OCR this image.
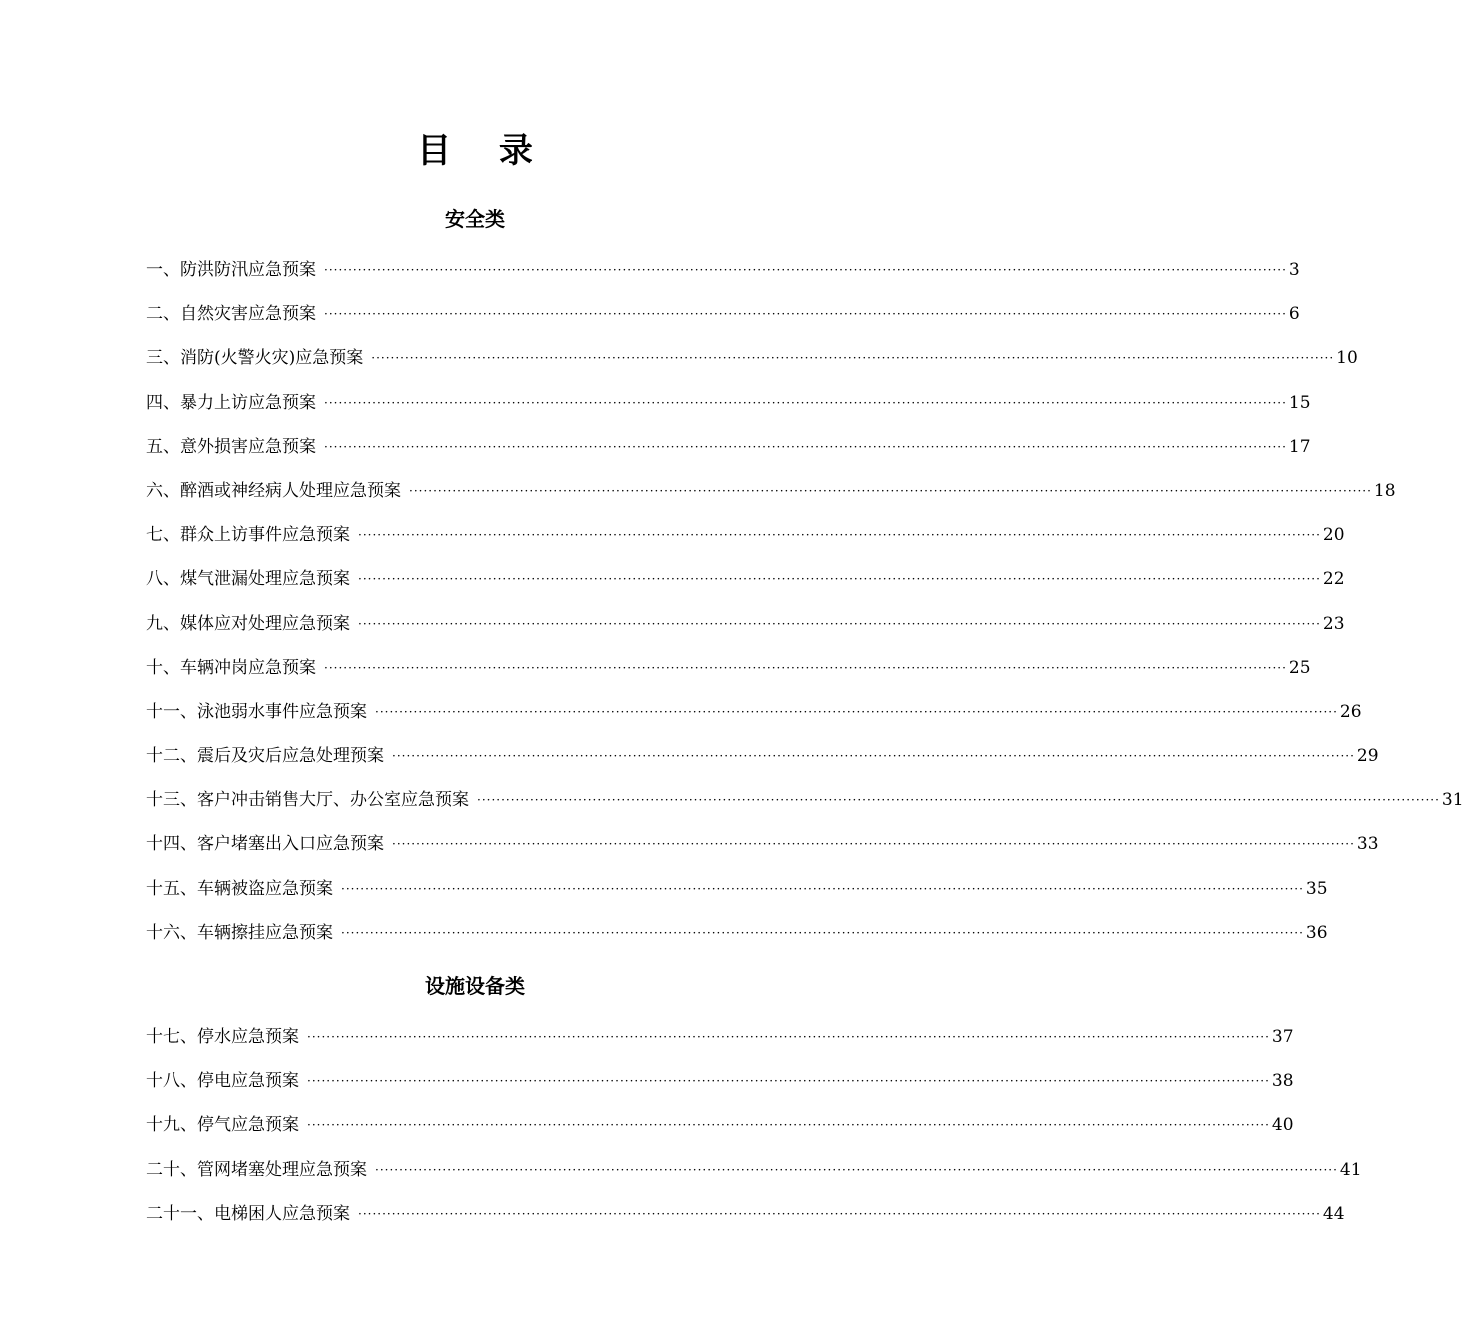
目 录
安全类
一、防洪防汛应急预案 ········································································································································································································ 3
二、自然灾害应急预案 ········································································································································································································ 6
三、消防(火警火灾)应急预案 ········································································································································································································ 10
四、暴力上访应急预案 ········································································································································································································ 15
五、意外损害应急预案 ········································································································································································································ 17
六、醉酒或神经病人处理应急预案 ········································································································································································································ 18
七、群众上访事件应急预案 ········································································································································································································ 20
八、煤气泄漏处理应急预案 ········································································································································································································ 22
九、媒体应对处理应急预案 ········································································································································································································ 23
十、车辆冲岗应急预案 ········································································································································································································ 25
十一、泳池弱水事件应急预案 ········································································································································································································ 26
十二、震后及灾后应急处理预案 ········································································································································································································ 29
十三、客户冲击销售大厅、办公室应急预案 ········································································································································································································ 31
十四、客户堵塞出入口应急预案 ········································································································································································································ 33
十五、车辆被盗应急预案 ········································································································································································································ 35
十六、车辆擦挂应急预案 ········································································································································································································ 36
设施设备类
十七、停水应急预案 ········································································································································································································ 37
十八、停电应急预案 ········································································································································································································ 38
十九、停气应急预案 ········································································································································································································ 40
二十、管网堵塞处理应急预案 ········································································································································································································ 41
二十一、电梯困人应急预案 ········································································································································································································ 44
